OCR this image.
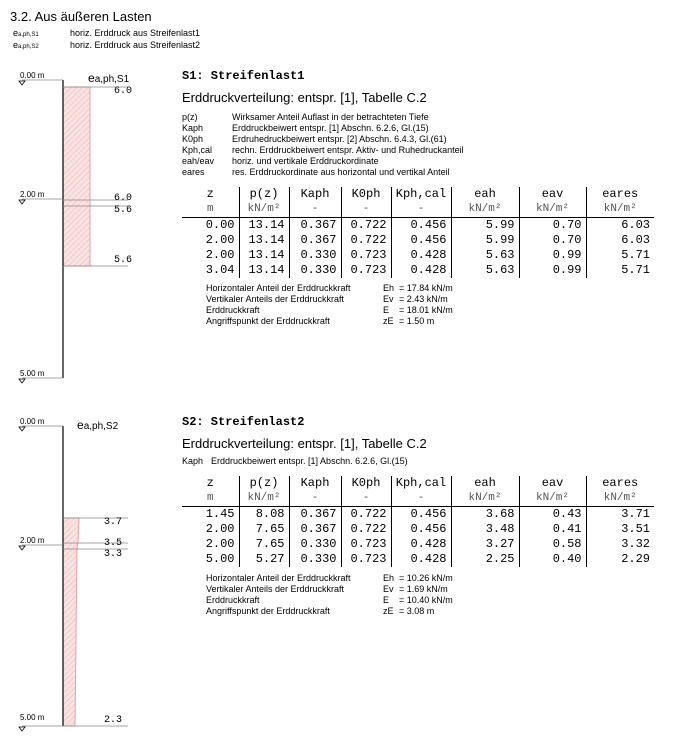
3.2. Aus äußeren Lasten
ea,ph,S1	horiz. Erddruck aus Streifenlast1
ea,ph,S2	horiz. Erddruck aus Streifenlast2
0.00 m
2.00 m
5.00 m
ea,ph,S1
6.0
6.0
5.6
5.6
S1: Streifenlast1
Erddruckverteilung: entspr. [1], Tabelle C.2
p(z)	Wirksamer Anteil Auflast in der betrachteten Tiefe
Kaph	Erddruckbeiwert entspr. [1] Abschn. 6.2.6, Gl.(15)
K0ph	Erdruhedruckbeiwert entspr. [2] Abschn. 6.4.3, Gl.(61)
Kph,cal rechn. Erddruckbeiwert entspr. Aktiv- und Ruhedruckanteil
eah/eav horiz. und vertikale Erddruckordinate
eares	res. Erddruckordinate aus horizontal und vertikal Anteil
z	p(z)	Kaph	K0ph	Kph,cal	eah	eav	eares
m	kN/m²	-	-	-	kN/m²	kN/m²	kN/m²
0.00	13.14	0.367	0.722	0.456	5.99	0.70	6.03
2.00	13.14	0.367	0.722	0.456	5.99	0.70	6.03
2.00	13.14	0.330	0.723	0.428	5.63	0.99	5.71
3.04	13.14	0.330	0.723	0.428	5.63	0.99	5.71
Horizontaler Anteil der Erddruckkraft	Eh = 17.84 kN/m
Vertikaler Anteils der Erddruckkraft	Ev = 2.43 kN/m
Erddruckkraft	E = 18.01 kN/m
Angriffspunkt der Erddruckkraft	zE = 1.50 m
0.00 m
2.00 m
5.00 m
ea,ph,S2
3.7
3.5
3.3
2.3
S2: Streifenlast2
Erddruckverteilung: entspr. [1], Tabelle C.2
Kaph Erddruckbeiwert entspr. [1] Abschn. 6.2.6, Gl.(15)
z	p(z)	Kaph	K0ph	Kph,cal	eah	eav	eares
m	kN/m²	-	-	-	kN/m²	kN/m²	kN/m²
1.45	8.08	0.367	0.722	0.456	3.68	0.43	3.71
2.00	7.65	0.367	0.722	0.456	3.48	0.41	3.51
2.00	7.65	0.330	0.723	0.428	3.27	0.58	3.32
5.00	5.27	0.330	0.723	0.428	2.25	0.40	2.29
Horizontaler Anteil der Erddruckkraft	Eh = 10.26 kN/m
Vertikaler Anteils der Erddruckkraft	Ev = 1.69 kN/m
Erddruckkraft	E = 10.40 kN/m
Angriffspunkt der Erddruckkraft	zE = 3.08 m
